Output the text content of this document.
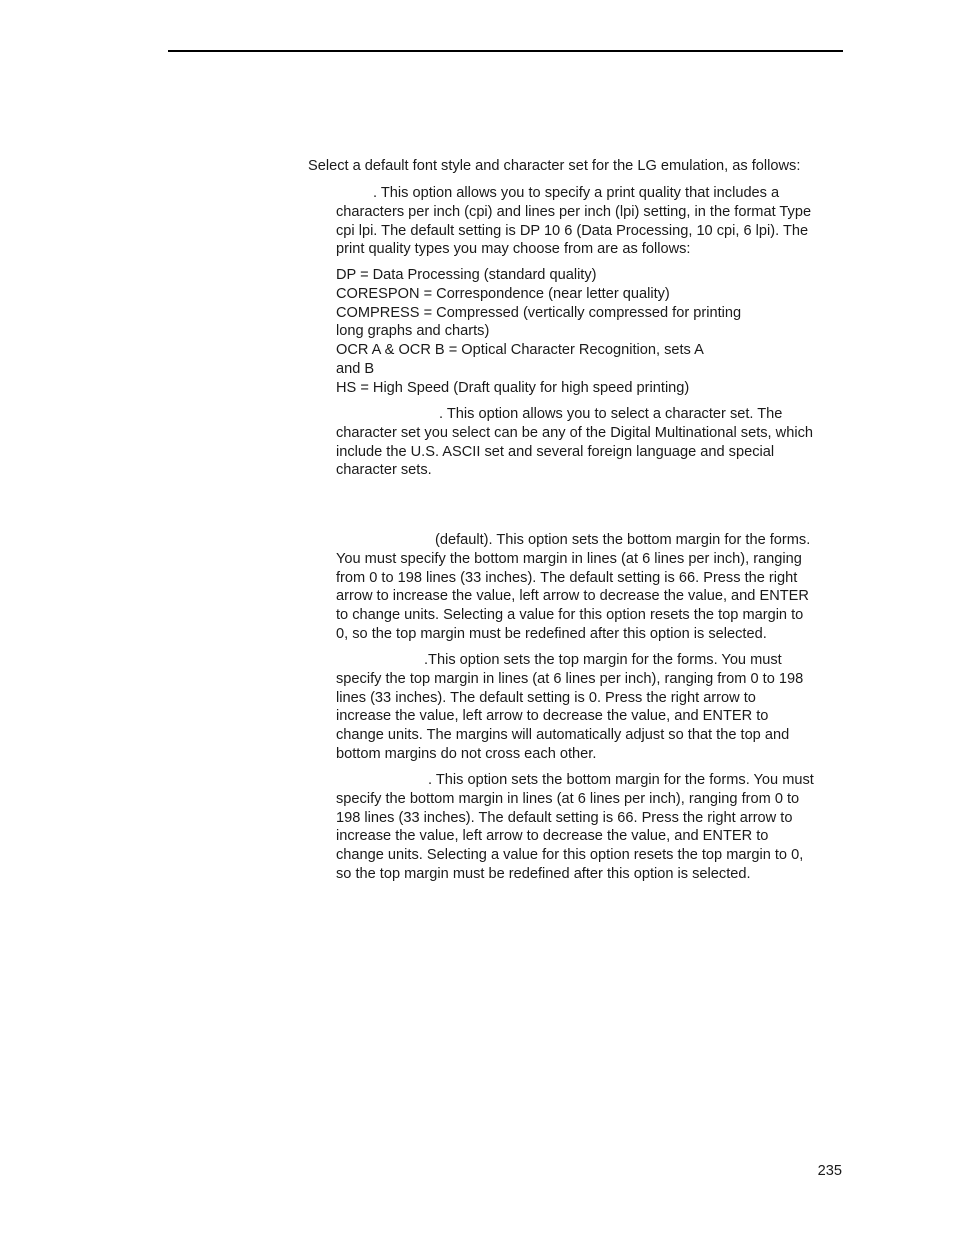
Select a default font style and character set for the LG emulation, as follows:

. This option allows you to specify a print quality that includes a
characters per inch (cpi) and lines per inch (lpi) setting, in the format Type
cpi lpi. The default setting is DP 10 6 (Data Processing, 10 cpi, 6 lpi). The
print quality types you may choose from are as follows:
DP = Data Processing (standard quality)
CORESPON = Correspondence (near letter quality)
COMPRESS = Compressed (vertically compressed for printing
long graphs and charts)
OCR A & OCR B = Optical Character Recognition, sets A
and B
HS = High Speed (Draft quality for high speed printing)
. This option allows you to select a character set. The
character set you select can be any of the Digital Multinational sets, which
include the U.S. ASCII set and several foreign language and special
character sets.
(default). This option sets the bottom margin for the forms.
You must specify the bottom margin in lines (at 6 lines per inch), ranging
from 0 to 198 lines (33 inches). The default setting is 66. Press the right
arrow to increase the value, left arrow to decrease the value, and ENTER
to change units. Selecting a value for this option resets the top margin to
0, so the top margin must be redefined after this option is selected.
.This option sets the top margin for the forms. You must
specify the top margin in lines (at 6 lines per inch), ranging from 0 to 198
lines (33 inches). The default setting is 0. Press the right arrow to
increase the value, left arrow to decrease the value, and ENTER to
change units. The margins will automatically adjust so that the top and
bottom margins do not cross each other.
. This option sets the bottom margin for the forms. You must
specify the bottom margin in lines (at 6 lines per inch), ranging from 0 to
198 lines (33 inches). The default setting is 66. Press the right arrow to
increase the value, left arrow to decrease the value, and ENTER to
change units. Selecting a value for this option resets the top margin to 0,
so the top margin must be redefined after this option is selected.

235
